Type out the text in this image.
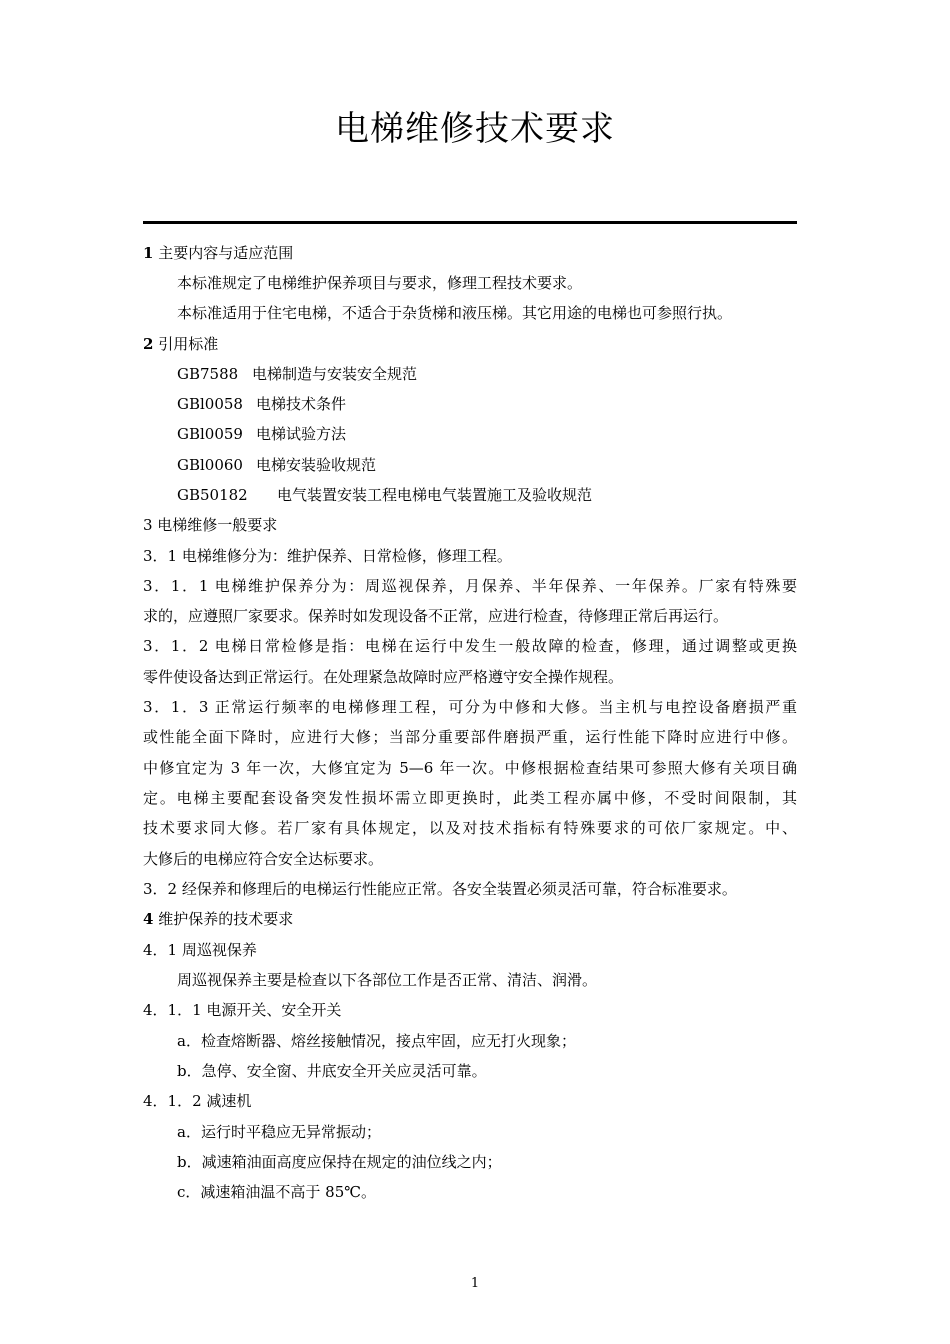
电梯维修技术要求
1 主要内容与适应范围
本标准规定了电梯维护保养项目与要求，修理工程技术要求。
本标准适用于住宅电梯，不适合于杂货梯和液压梯。其它用途的电梯也可参照行执。
2 引用标准
GB7588 电梯制造与安装安全规范
GBl0058 电梯技术条件
GBl0059 电梯试验方法
GBl0060 电梯安装验收规范
GB50182 电气装置安装工程电梯电气装置施工及验收规范
3 电梯维修一般要求
3．1 电梯维修分为：维护保养、日常检修，修理工程。
3．1．1 电梯维护保养分为：周巡视保养，月保养、半年保养、一年保养。厂家有特殊要
求的，应遵照厂家要求。保养时如发现设备不正常，应进行检查，待修理正常后再运行。
3．1．2 电梯日常检修是指：电梯在运行中发生一般故障的检查，修理，通过调整或更换
零件使设备达到正常运行。在处理紧急故障时应严格遵守安全操作规程。
3．1．3 正常运行频率的电梯修理工程，可分为中修和大修。当主机与电控设备磨损严重
或性能全面下降时，应进行大修；当部分重要部件磨损严重，运行性能下降时应进行中修。
中修宜定为 3 年一次，大修宜定为 5—6 年一次。中修根据检查结果可参照大修有关项目确
定。电梯主要配套设备突发性损坏需立即更换时，此类工程亦属中修，不受时间限制，其
技术要求同大修。若厂家有具体规定，以及对技术指标有特殊要求的可依厂家规定。中、
大修后的电梯应符合安全达标要求。
3．2 经保养和修理后的电梯运行性能应正常。各安全装置必须灵活可靠，符合标准要求。
4 维护保养的技术要求
4．1 周巡视保养
周巡视保养主要是检查以下各部位工作是否正常、清洁、润滑。
4．1．1 电源开关、安全开关
a．检查熔断器、熔丝接触情况，接点牢固，应无打火现象；
b．急停、安全窗、井底安全开关应灵活可靠。
4．1．2 减速机
a．运行时平稳应无异常振动；
b．减速箱油面高度应保持在规定的油位线之内；
c．减速箱油温不高于 85℃。
1
